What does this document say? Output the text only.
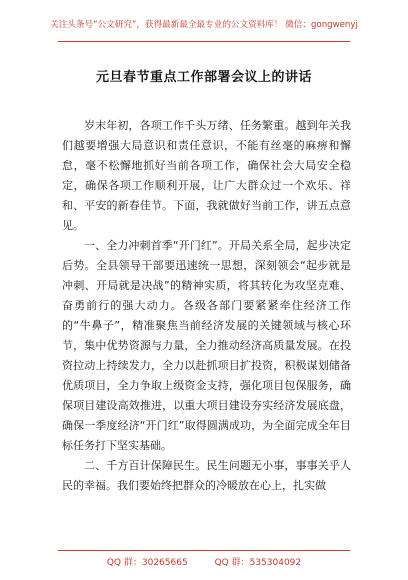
关注头条号“公文研究”，获得最新最全最专业的公文资料库！ 微信：gongwenyj
元旦春节重点工作部署会议上的讲话

岁末年初，各项工作千头万绪、任务繁重。越到年关我们越要增强大局意识和责任意识，不能有丝毫的麻痹和懈怠，毫不松懈地抓好当前各项工作，确保社会大局安全稳定，确保各项工作顺利开展，让广大群众过一个欢乐、祥和、平安的新春佳节。下面，我就做好当前工作，讲五点意见。

一、全力冲刺首季“开门红”。开局关系全局，起步决定后势。全县领导干部要迅速统一思想，深刻领会“起步就是冲刺、开局就是决战”的精神实质，将其转化为攻坚克难、奋勇前行的强大动力。各级各部门要紧紧牵住经济工作的“牛鼻子”，精准聚焦当前经济发展的关键领域与核心环节，集中优势资源与力量，全力推动经济高质量发展。在投资拉动上持续发力，全力以赴抓项目扩投资，积极谋划储备优质项目，全力争取上级资金支持，强化项目包保服务，确保项目建设高效推进，以重大项目建设夯实经济发展底盘，确保一季度经济“开门红”取得圆满成功，为全面完成全年目标任务打下坚实基础。

二、千方百计保障民生。民生问题无小事，事事关乎人民的幸福。我们要始终把群众的冷暖放在心上，扎实做

QQ 群：30265665	QQ 群：535304092
